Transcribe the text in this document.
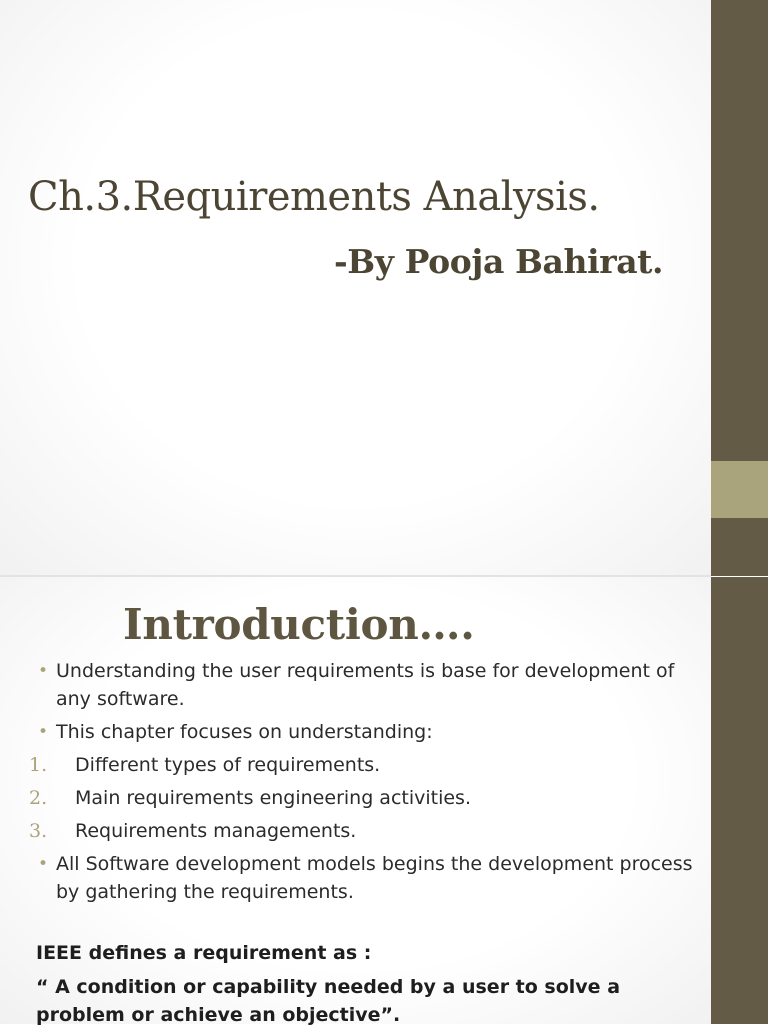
Ch.3.Requirements Analysis.
-By Pooja Bahirat.
Introduction….
• Understanding the user requirements is base for development of any software.
• This chapter focuses on understanding:
1. Different types of requirements.
2. Main requirements engineering activities.
3. Requirements managements.
• All Software development models begins the development process by gathering the requirements.
IEEE defines a requirement as :
“ A condition or capability needed by a user to solve a problem or achieve an objective”.
